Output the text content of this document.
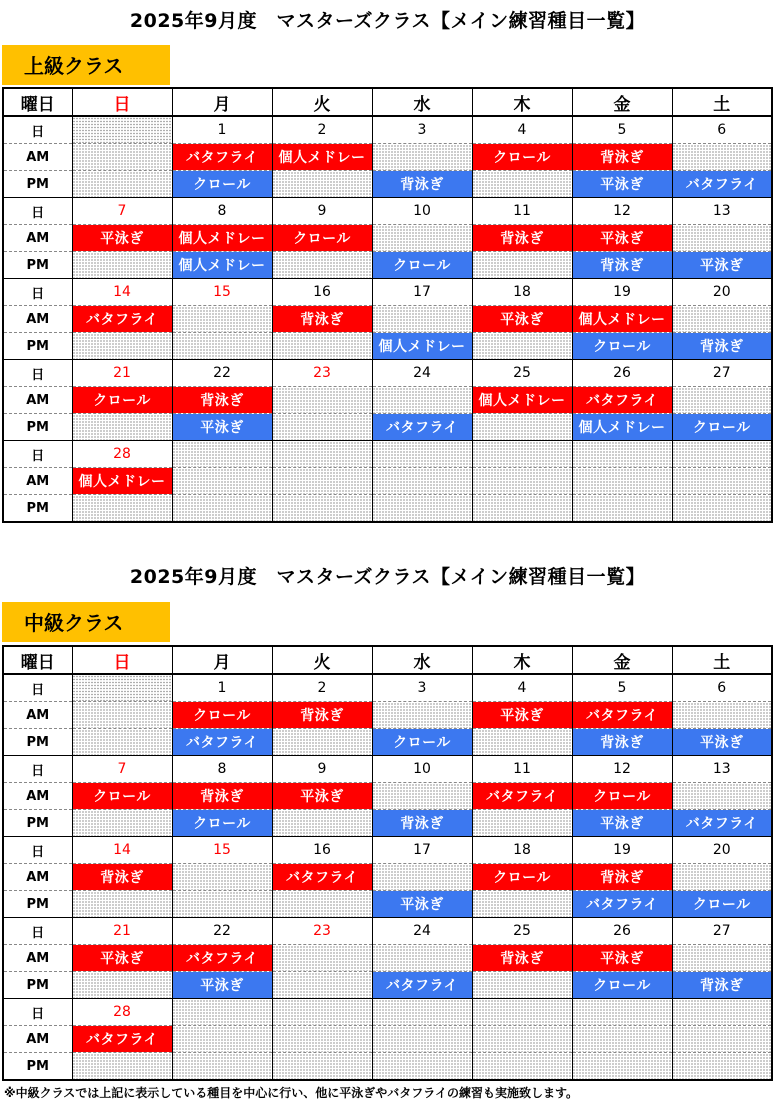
2025年9月度　マスターズクラス【メイン練習種目一覧】
上級クラス
曜日	日	月	火	水	木	金	土
日		1	2	3	4	5	6
AM		バタフライ	個人メドレー		クロール	背泳ぎ	
PM		クロール		背泳ぎ		平泳ぎ	バタフライ
日	7	8	9	10	11	12	13
AM	平泳ぎ	個人メドレー	クロール		背泳ぎ	平泳ぎ	
PM		個人メドレー		クロール		背泳ぎ	平泳ぎ
日	14	15	16	17	18	19	20
AM	バタフライ		背泳ぎ		平泳ぎ	個人メドレー	
PM				個人メドレー		クロール	背泳ぎ
日	21	22	23	24	25	26	27
AM	クロール	背泳ぎ			個人メドレー	バタフライ	
PM		平泳ぎ		バタフライ		個人メドレー	クロール
日	28						
AM	個人メドレー						
PM							
2025年9月度　マスターズクラス【メイン練習種目一覧】
中級クラス
曜日	日	月	火	水	木	金	土
日		1	2	3	4	5	6
AM		クロール	背泳ぎ		平泳ぎ	バタフライ	
PM		バタフライ		クロール		背泳ぎ	平泳ぎ
日	7	8	9	10	11	12	13
AM	クロール	背泳ぎ	平泳ぎ		バタフライ	クロール	
PM		クロール		背泳ぎ		平泳ぎ	バタフライ
日	14	15	16	17	18	19	20
AM	背泳ぎ		バタフライ		クロール	背泳ぎ	
PM				平泳ぎ		バタフライ	クロール
日	21	22	23	24	25	26	27
AM	平泳ぎ	バタフライ			背泳ぎ	平泳ぎ	
PM		平泳ぎ		バタフライ		クロール	背泳ぎ
日	28						
AM	バタフライ						
PM							
※中級クラスでは上記に表示している種目を中心に行い、他に平泳ぎやバタフライの練習も実施致します。
